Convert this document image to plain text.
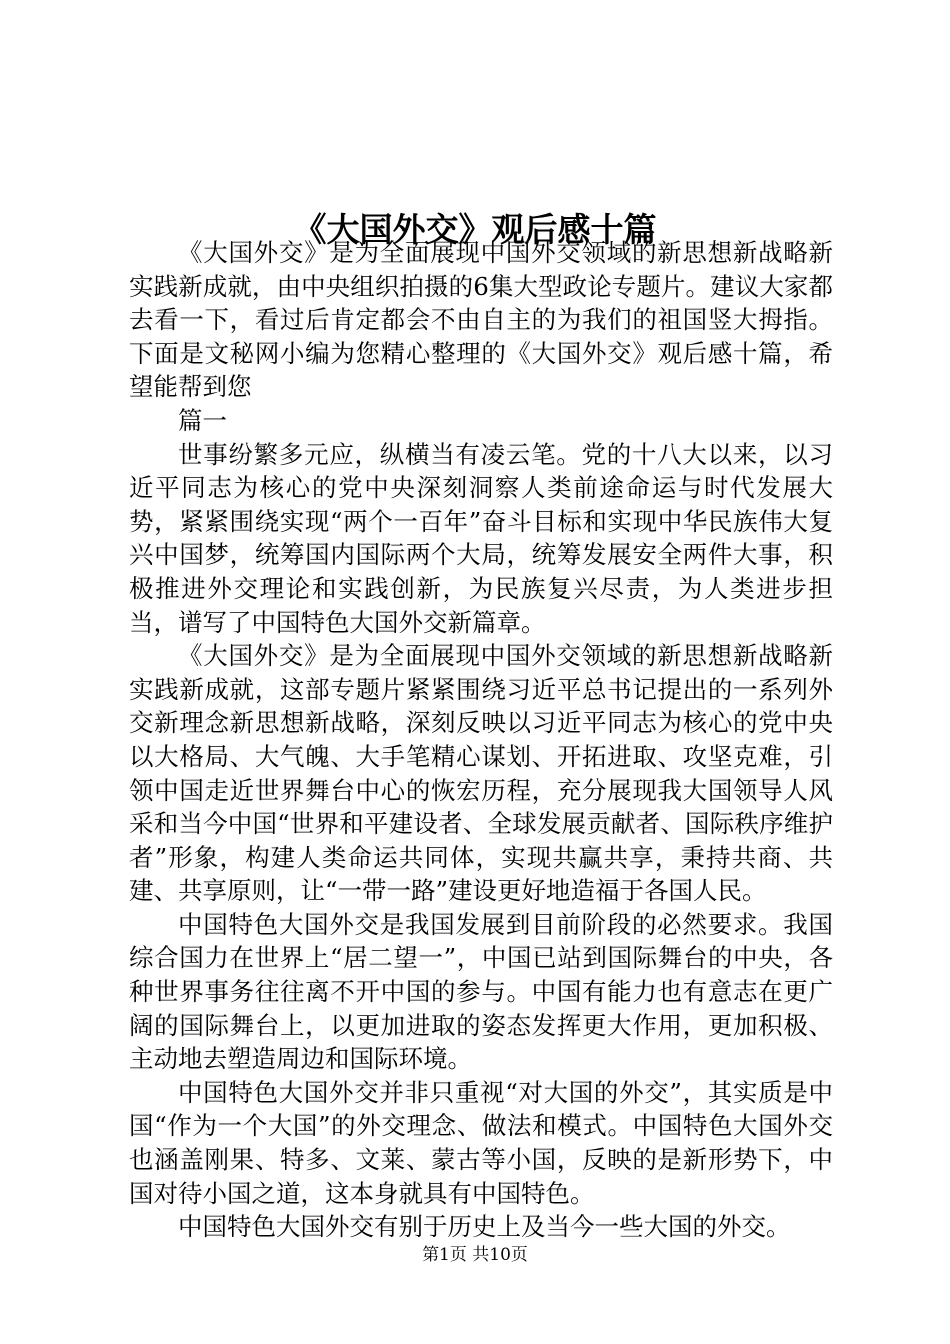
《大国外交》观后感十篇

《大国外交》是为全面展现中国外交领域的新思想新战略新实践新成就，由中央组织拍摄的6集大型政论专题片。建议大家都去看一下，看过后肯定都会不由自主的为我们的祖国竖大拇指。下面是文秘网小编为您精心整理的《大国外交》观后感十篇，希望能帮到您

篇一

世事纷繁多元应，纵横当有凌云笔。党的十八大以来，以习近平同志为核心的党中央深刻洞察人类前途命运与时代发展大势，紧紧围绕实现“两个一百年”奋斗目标和实现中华民族伟大复兴中国梦，统筹国内国际两个大局，统筹发展安全两件大事，积极推进外交理论和实践创新，为民族复兴尽责，为人类进步担当，谱写了中国特色大国外交新篇章。

《大国外交》是为全面展现中国外交领域的新思想新战略新实践新成就，这部专题片紧紧围绕习近平总书记提出的一系列外交新理念新思想新战略，深刻反映以习近平同志为核心的党中央以大格局、大气魄、大手笔精心谋划、开拓进取、攻坚克难，引领中国走近世界舞台中心的恢宏历程，充分展现我大国领导人风采和当今中国“世界和平建设者、全球发展贡献者、国际秩序维护者”形象，构建人类命运共同体，实现共赢共享，秉持共商、共建、共享原则，让“一带一路”建设更好地造福于各国人民。

中国特色大国外交是我国发展到目前阶段的必然要求。我国综合国力在世界上“居二望一”，中国已站到国际舞台的中央，各种世界事务往往离不开中国的参与。中国有能力也有意志在更广阔的国际舞台上，以更加进取的姿态发挥更大作用，更加积极、主动地去塑造周边和国际环境。

中国特色大国外交并非只重视“对大国的外交”，其实质是中国“作为一个大国”的外交理念、做法和模式。中国特色大国外交也涵盖刚果、特多、文莱、蒙古等小国，反映的是新形势下，中国对待小国之道，这本身就具有中国特色。

中国特色大国外交有别于历史上及当今一些大国的外交。

第1页 共10页
